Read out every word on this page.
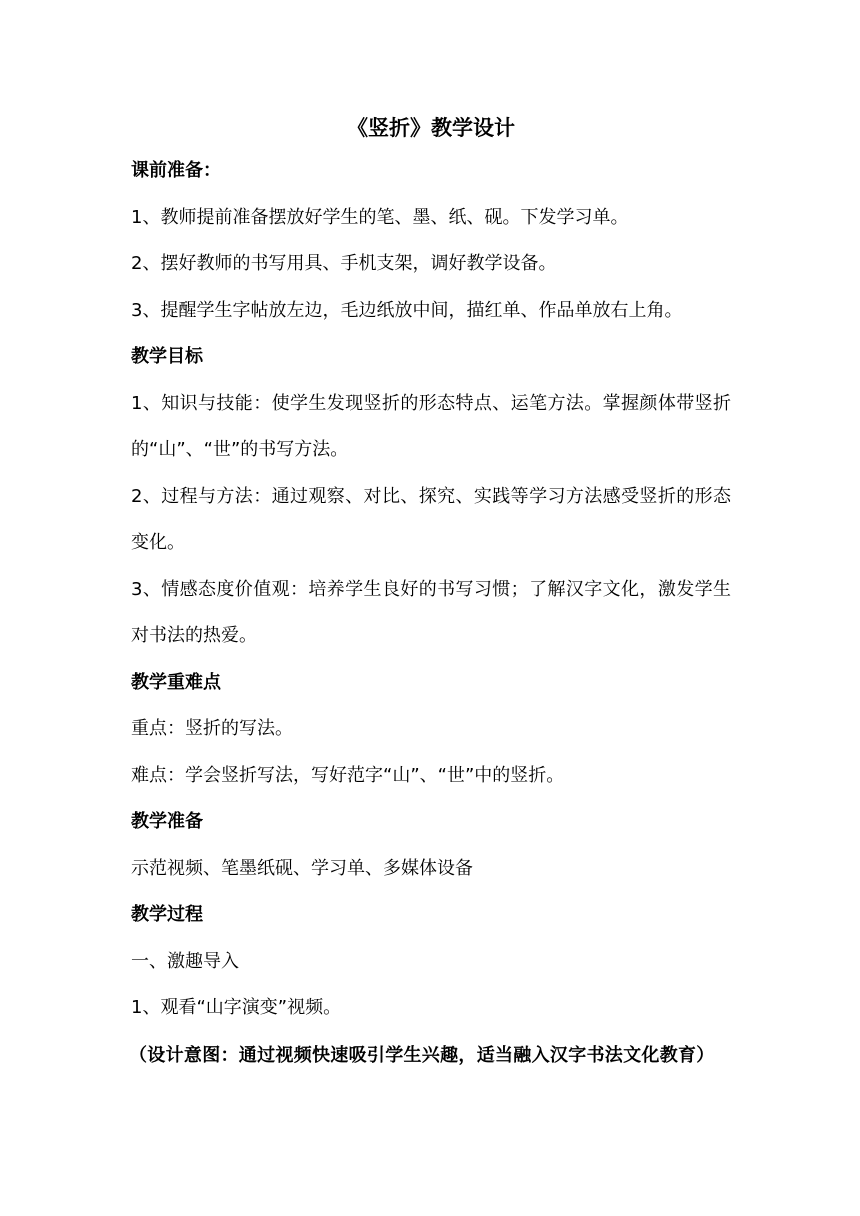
《竖折》教学设计

课前准备：

1、教师提前准备摆放好学生的笔、墨、纸、砚。下发学习单。

2、摆好教师的书写用具、手机支架，调好教学设备。

3、提醒学生字帖放左边，毛边纸放中间，描红单、作品单放右上角。

教学目标

1、知识与技能：使学生发现竖折的形态特点、运笔方法。掌握颜体带竖折的“山”、“世”的书写方法。

2、过程与方法：通过观察、对比、探究、实践等学习方法感受竖折的形态变化。

3、情感态度价值观：培养学生良好的书写习惯；了解汉字文化，激发学生对书法的热爱。

教学重难点

重点：竖折的写法。

难点：学会竖折写法，写好范字“山”、“世”中的竖折。

教学准备

示范视频、笔墨纸砚、学习单、多媒体设备

教学过程

一、激趣导入

1、观看“山字演变”视频。

（设计意图：通过视频快速吸引学生兴趣，适当融入汉字书法文化教育）
